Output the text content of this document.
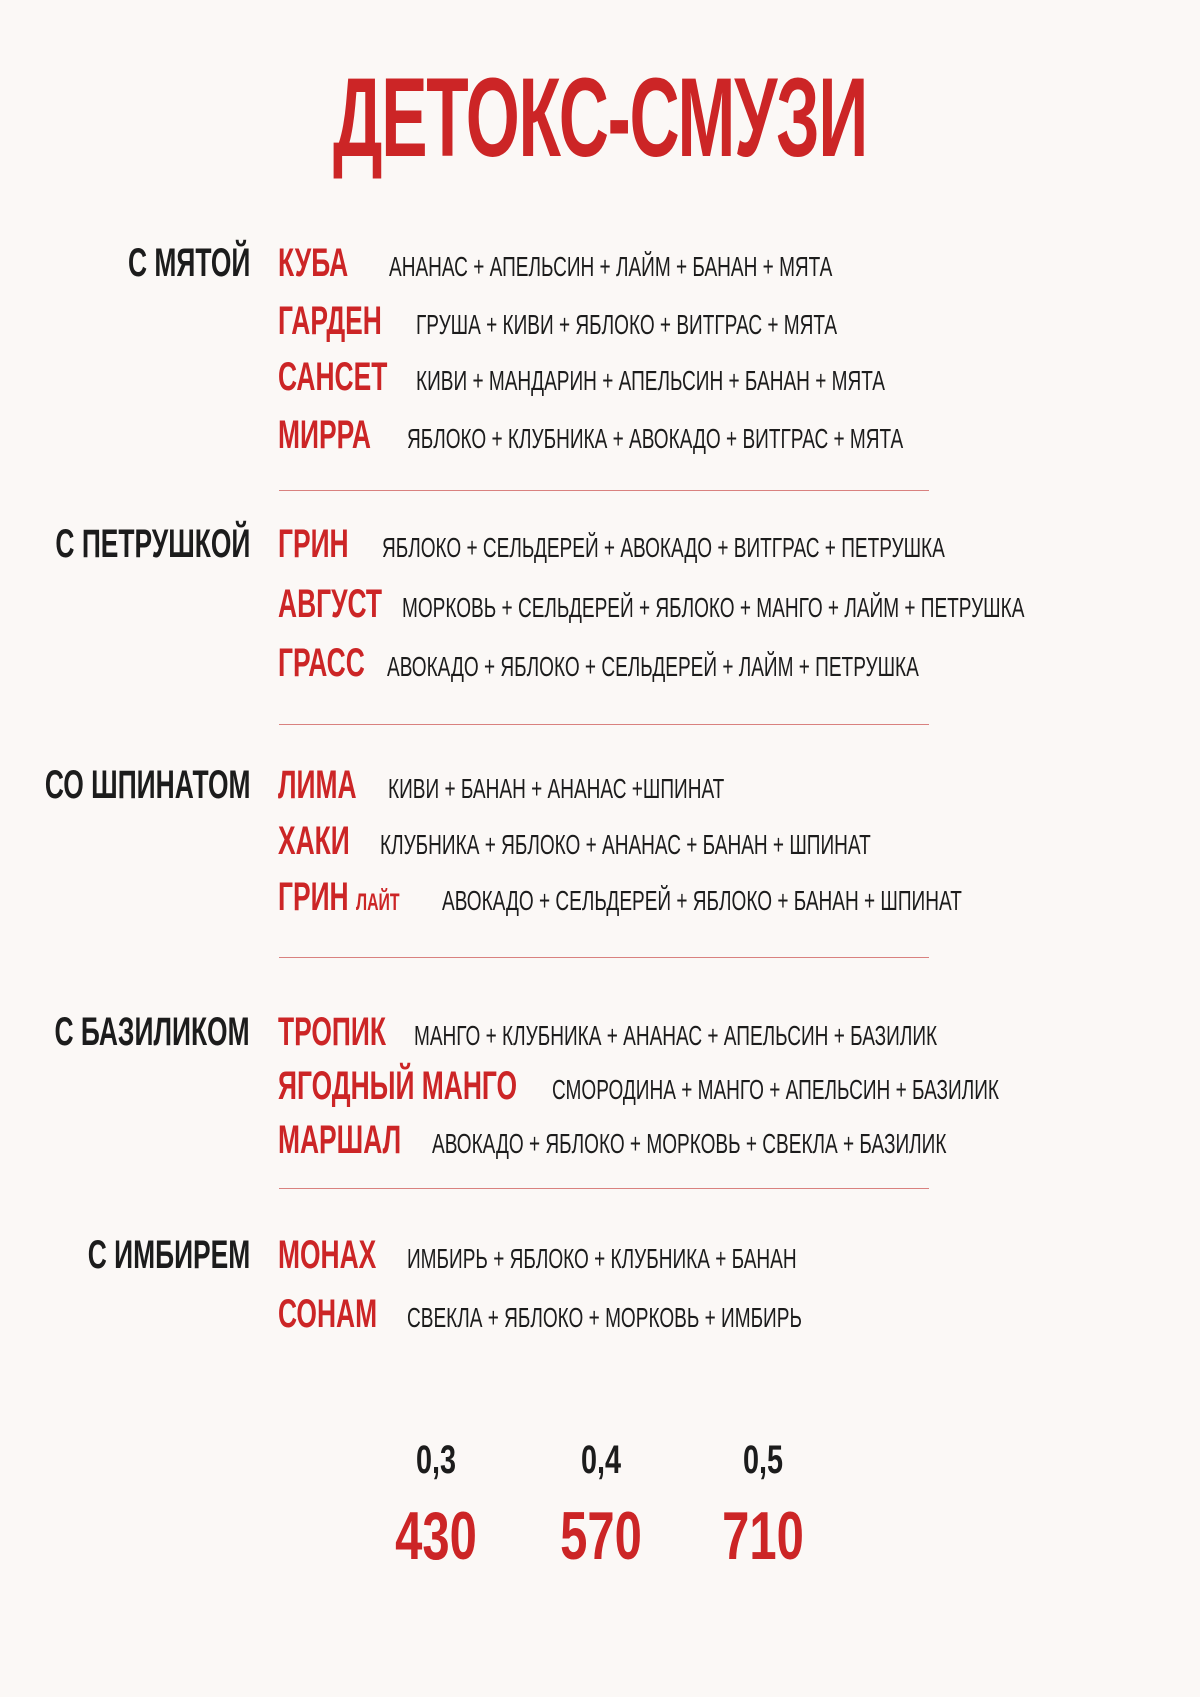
ДЕТОКС-СМУЗИ
С МЯТОЙ КУБА АНАНАС + АПЕЛЬСИН + ЛАЙМ + БАНАН + МЯТА
ГАРДЕН ГРУША + КИВИ + ЯБЛОКО + ВИТГРАС + МЯТА
САНСЕТ КИВИ + МАНДАРИН + АПЕЛЬСИН + БАНАН + МЯТА
МИРРА ЯБЛОКО + КЛУБНИКА + АВОКАДО + ВИТГРАС + МЯТА
С ПЕТРУШКОЙ ГРИН ЯБЛОКО + СЕЛЬДЕРЕЙ + АВОКАДО + ВИТГРАС + ПЕТРУШКА
АВГУСТ МОРКОВЬ + СЕЛЬДЕРЕЙ + ЯБЛОКО + МАНГО + ЛАЙМ + ПЕТРУШКА
ГРАСС АВОКАДО + ЯБЛОКО + СЕЛЬДЕРЕЙ + ЛАЙМ + ПЕТРУШКА
СО ШПИНАТОМ ЛИМА КИВИ + БАНАН + АНАНАС +ШПИНАТ
ХАКИ КЛУБНИКА + ЯБЛОКО + АНАНАС + БАНАН + ШПИНАТ
ГРИН ЛАЙТ АВОКАДО + СЕЛЬДЕРЕЙ + ЯБЛОКО + БАНАН + ШПИНАТ
С БАЗИЛИКОМ ТРОПИК МАНГО + КЛУБНИКА + АНАНАС + АПЕЛЬСИН + БАЗИЛИК
ЯГОДНЫЙ МАНГО СМОРОДИНА + МАНГО + АПЕЛЬСИН + БАЗИЛИК
МАРШАЛ АВОКАДО + ЯБЛОКО + МОРКОВЬ + СВЕКЛА + БАЗИЛИК
С ИМБИРЕМ МОНАХ ИМБИРЬ + ЯБЛОКО + КЛУБНИКА + БАНАН
СОНАМ СВЕКЛА + ЯБЛОКО + МОРКОВЬ + ИМБИРЬ
0,3	0,4	0,5
430 570 710
